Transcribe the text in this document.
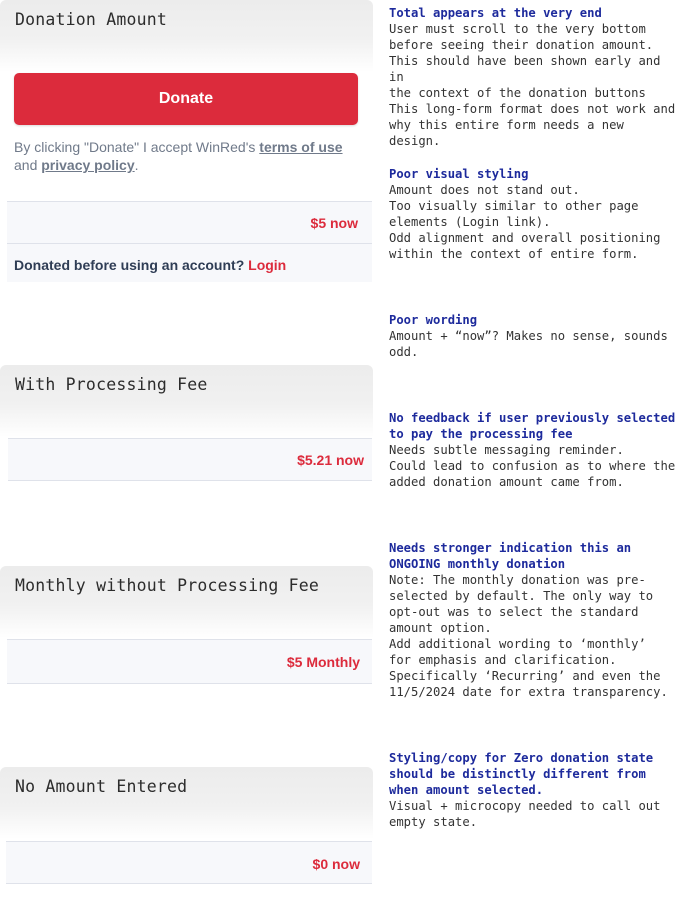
Donation Amount
Donate
By clicking "Donate" I accept WinRed's terms of use
and privacy policy.
$5 now
Donated before using an account? Login
With Processing Fee
$5.21 now
Monthly without Processing Fee
$5 Monthly
No Amount Entered
$0 now
Total appears at the very end
User must scroll to the very bottom
before seeing their donation amount.
This should have been shown early and in
the context of the donation buttons
This long-form format does not work and
why this entire form needs a new design.
Poor visual styling
Amount does not stand out.
Too visually similar to other page
elements (Login link).
Odd alignment and overall positioning
within the context of entire form.
Poor wording
Amount + “now”? Makes no sense, sounds
odd.
No feedback if user previously selected
to pay the processing fee
Needs subtle messaging reminder.
Could lead to confusion as to where the
added donation amount came from.
Needs stronger indication this an
ONGOING monthly donation
Note: The monthly donation was pre-
selected by default. The only way to
opt-out was to select the standard
amount option.
Add additional wording to ‘monthly’
for emphasis and clarification.
Specifically ‘Recurring’ and even the
11/5/2024 date for extra transparency.
Styling/copy for Zero donation state
should be distinctly different from
when amount selected.
Visual + microcopy needed to call out
empty state.
